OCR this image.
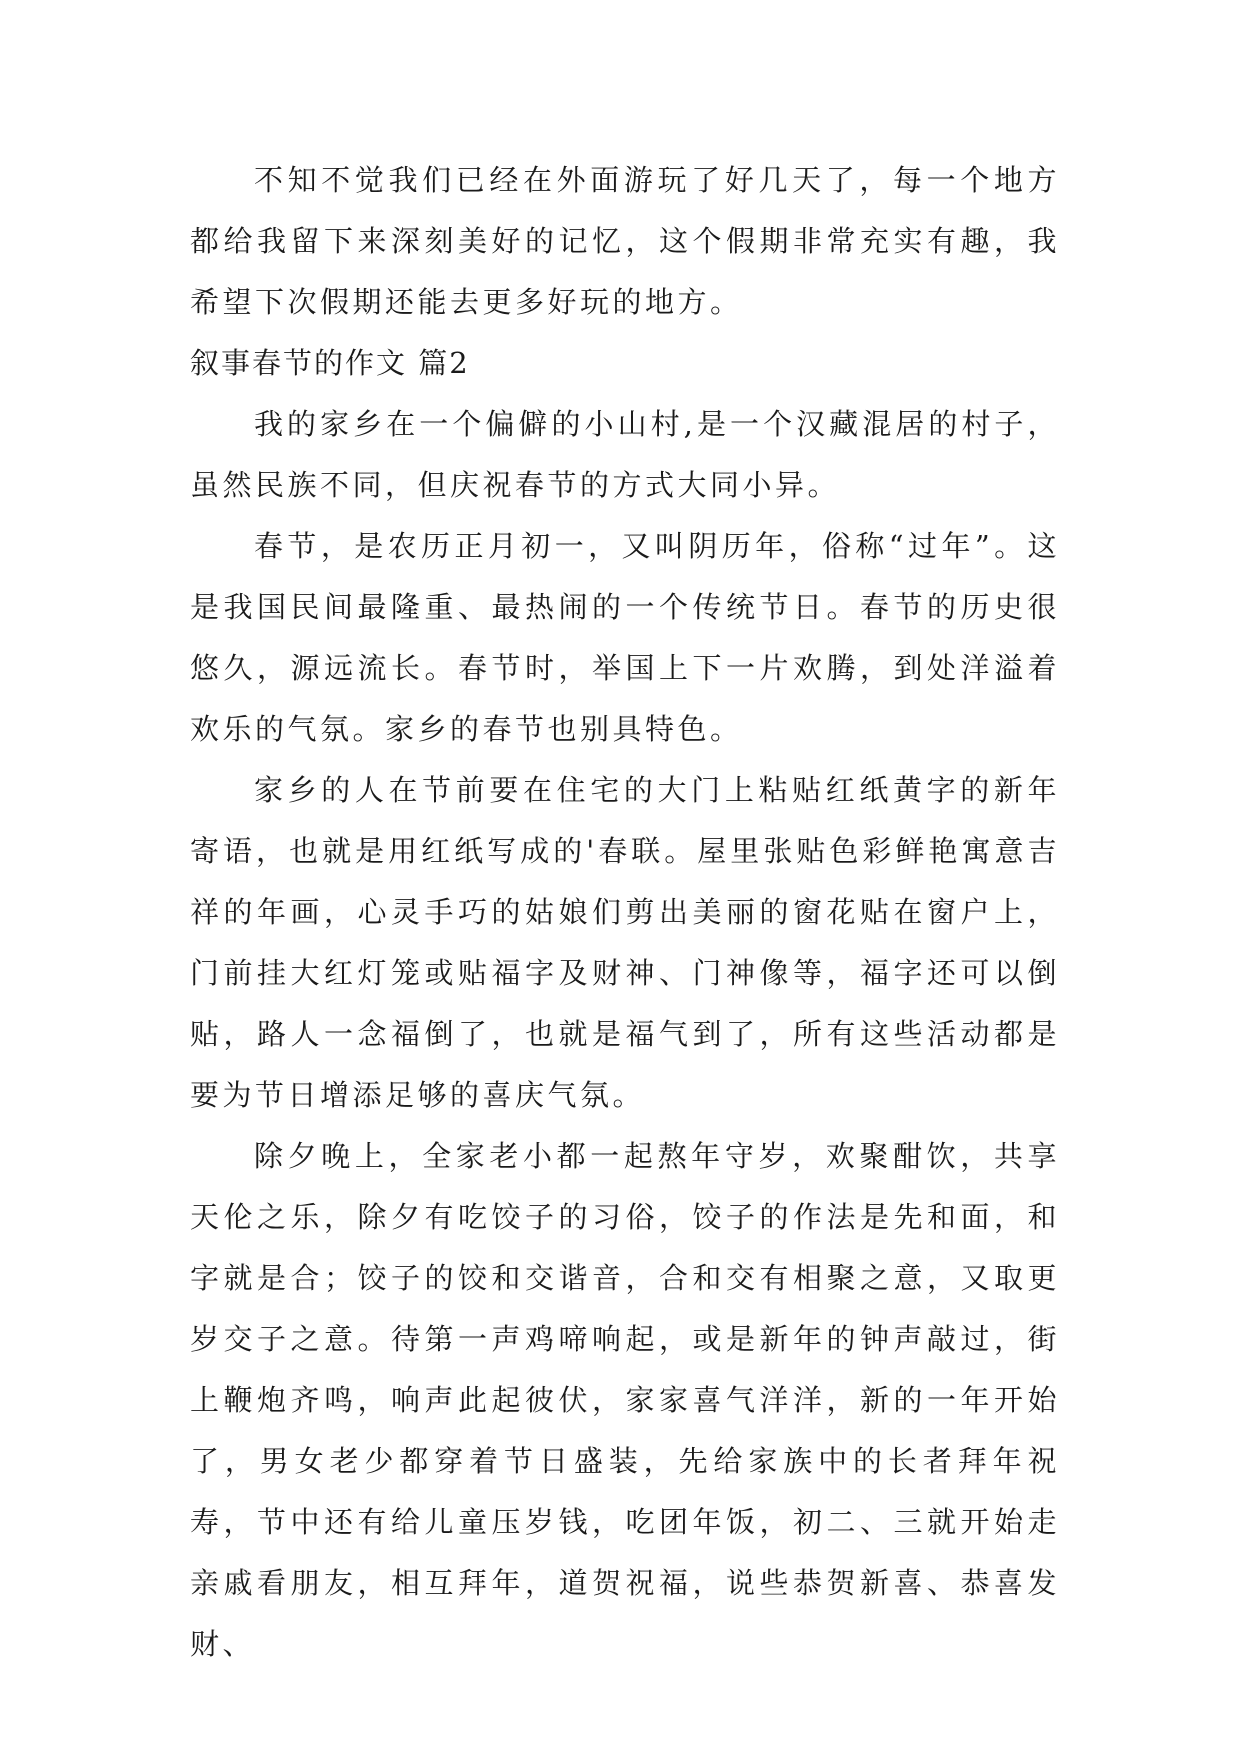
不知不觉我们已经在外面游玩了好几天了，每一个地方都给我留下来深刻美好的记忆，这个假期非常充实有趣，我希望下次假期还能去更多好玩的地方。

叙事春节的作文 篇2

我的家乡在一个偏僻的小山村,是一个汉藏混居的村子，虽然民族不同，但庆祝春节的方式大同小异。

春节，是农历正月初一，又叫阴历年，俗称“过年”。这是我国民间最隆重、最热闹的一个传统节日。春节的历史很悠久，源远流长。春节时，举国上下一片欢腾，到处洋溢着欢乐的气氛。家乡的春节也别具特色。

家乡的人在节前要在住宅的大门上粘贴红纸黄字的新年寄语，也就是用红纸写成的'春联。屋里张贴色彩鲜艳寓意吉祥的年画，心灵手巧的姑娘们剪出美丽的窗花贴在窗户上，门前挂大红灯笼或贴福字及财神、门神像等，福字还可以倒贴，路人一念福倒了，也就是福气到了，所有这些活动都是要为节日增添足够的喜庆气氛。

除夕晚上，全家老小都一起熬年守岁，欢聚酣饮，共享天伦之乐，除夕有吃饺子的习俗，饺子的作法是先和面，和字就是合；饺子的饺和交谐音，合和交有相聚之意，又取更岁交子之意。待第一声鸡啼响起，或是新年的钟声敲过，街上鞭炮齐鸣，响声此起彼伏，家家喜气洋洋，新的一年开始了，男女老少都穿着节日盛装，先给家族中的长者拜年祝寿，节中还有给儿童压岁钱，吃团年饭，初二、三就开始走亲戚看朋友，相互拜年，道贺祝福，说些恭贺新喜、恭喜发财、
